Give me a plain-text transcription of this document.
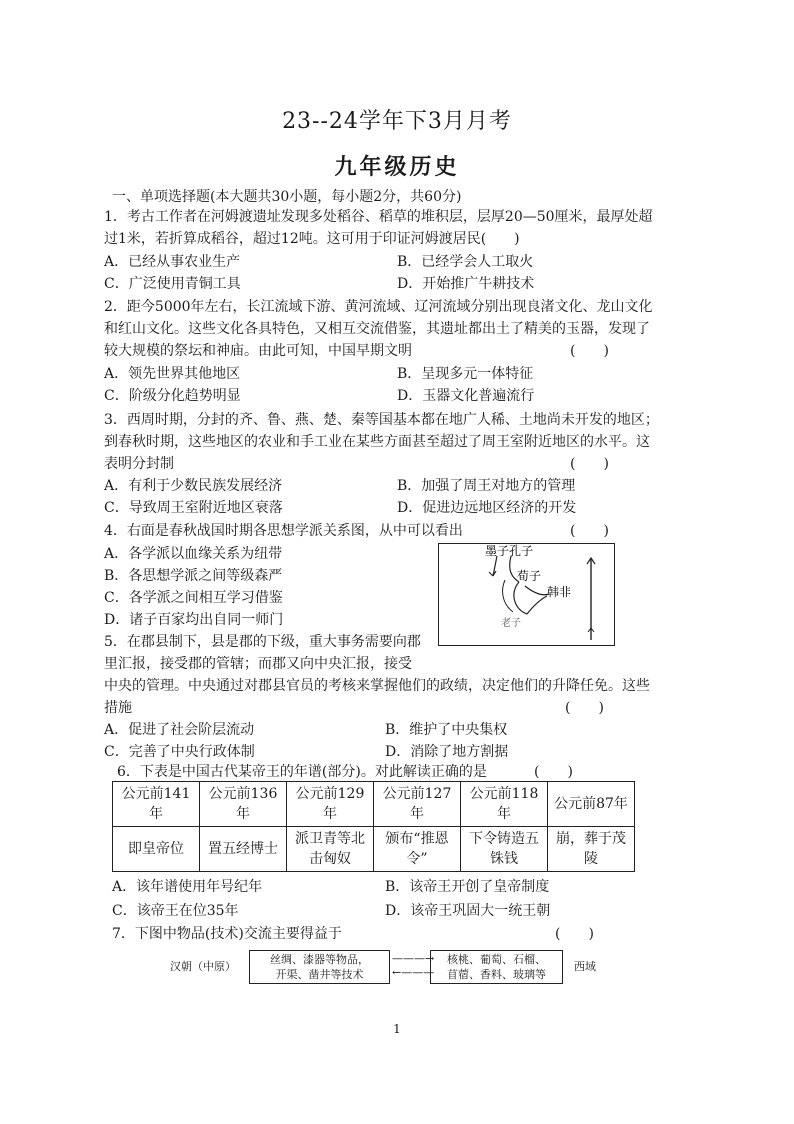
23--24学年下3月月考
九年级历史
一、单项选择题(本大题共30小题，每小题2分，共60分)
1．考古工作者在河姆渡遗址发现多处稻谷、稻草的堆积层，层厚20—50厘米，最厚处超
过1米，若折算成稻谷，超过12吨。这可用于印证河姆渡居民(　　)
A．已经从事农业生产	B．已经学会人工取火
C．广泛使用青铜工具	D．开始推广牛耕技术
2．距今5000年左右，长江流域下游、黄河流域、辽河流域分别出现良渚文化、龙山文化
和红山文化。这些文化各具特色，又相互交流借鉴，其遗址都出土了精美的玉器，发现了
较大规模的祭坛和神庙。由此可知，中国早期文明	(　　)
A．领先世界其他地区	B．呈现多元一体特征
C．阶级分化趋势明显	D．玉器文化普遍流行
3．西周时期，分封的齐、鲁、燕、楚、秦等国基本都在地广人稀、土地尚未开发的地区；
到春秋时期，这些地区的农业和手工业在某些方面甚至超过了周王室附近地区的水平。这
表明分封制	(　　)
A．有利于少数民族发展经济	B．加强了周王对地方的管理
C．导致周王室附近地区衰落	D．促进边远地区经济的开发
4．右面是春秋战国时期各思想学派关系图，从中可以看出	(　　)
A．各学派以血缘关系为纽带
B．各思想学派之间等级森严
C．各学派之间相互学习借鉴
D．诸子百家均出自同一师门
墨子 孔子
荀子
韩非
老子
5．在郡县制下，县是郡的下级，重大事务需要向郡
里汇报，接受郡的管辖；而郡又向中央汇报，接受
中央的管理。中央通过对郡县官员的考核来掌握他们的政绩，决定他们的升降任免。这些
措施	(　　)
A．促进了社会阶层流动	B．维护了中央集权
C．完善了中央行政体制	D．消除了地方割据
6．下表是中国古代某帝王的年谱(部分)。对此解读正确的是	(　　)
公元前141年	公元前136年	公元前129年	公元前127年	公元前118年	公元前87年
即皇帝位	置五经博士	派卫青等北击匈奴	颁布“推恩令”	下令铸造五铢钱	崩，葬于茂陵
A．该年谱使用年号纪年	B．该帝王开创了皇帝制度
C．该帝王在位35年	D．该帝王巩固大一统王朝
7．下图中物品(技术)交流主要得益于	(　　)
汉朝（中原）
丝绸、漆器等物品，
开渠、凿井等技术
———→
←———
核桃、葡萄、石榴、
苜蓿、香料、玻璃等
西域
1
